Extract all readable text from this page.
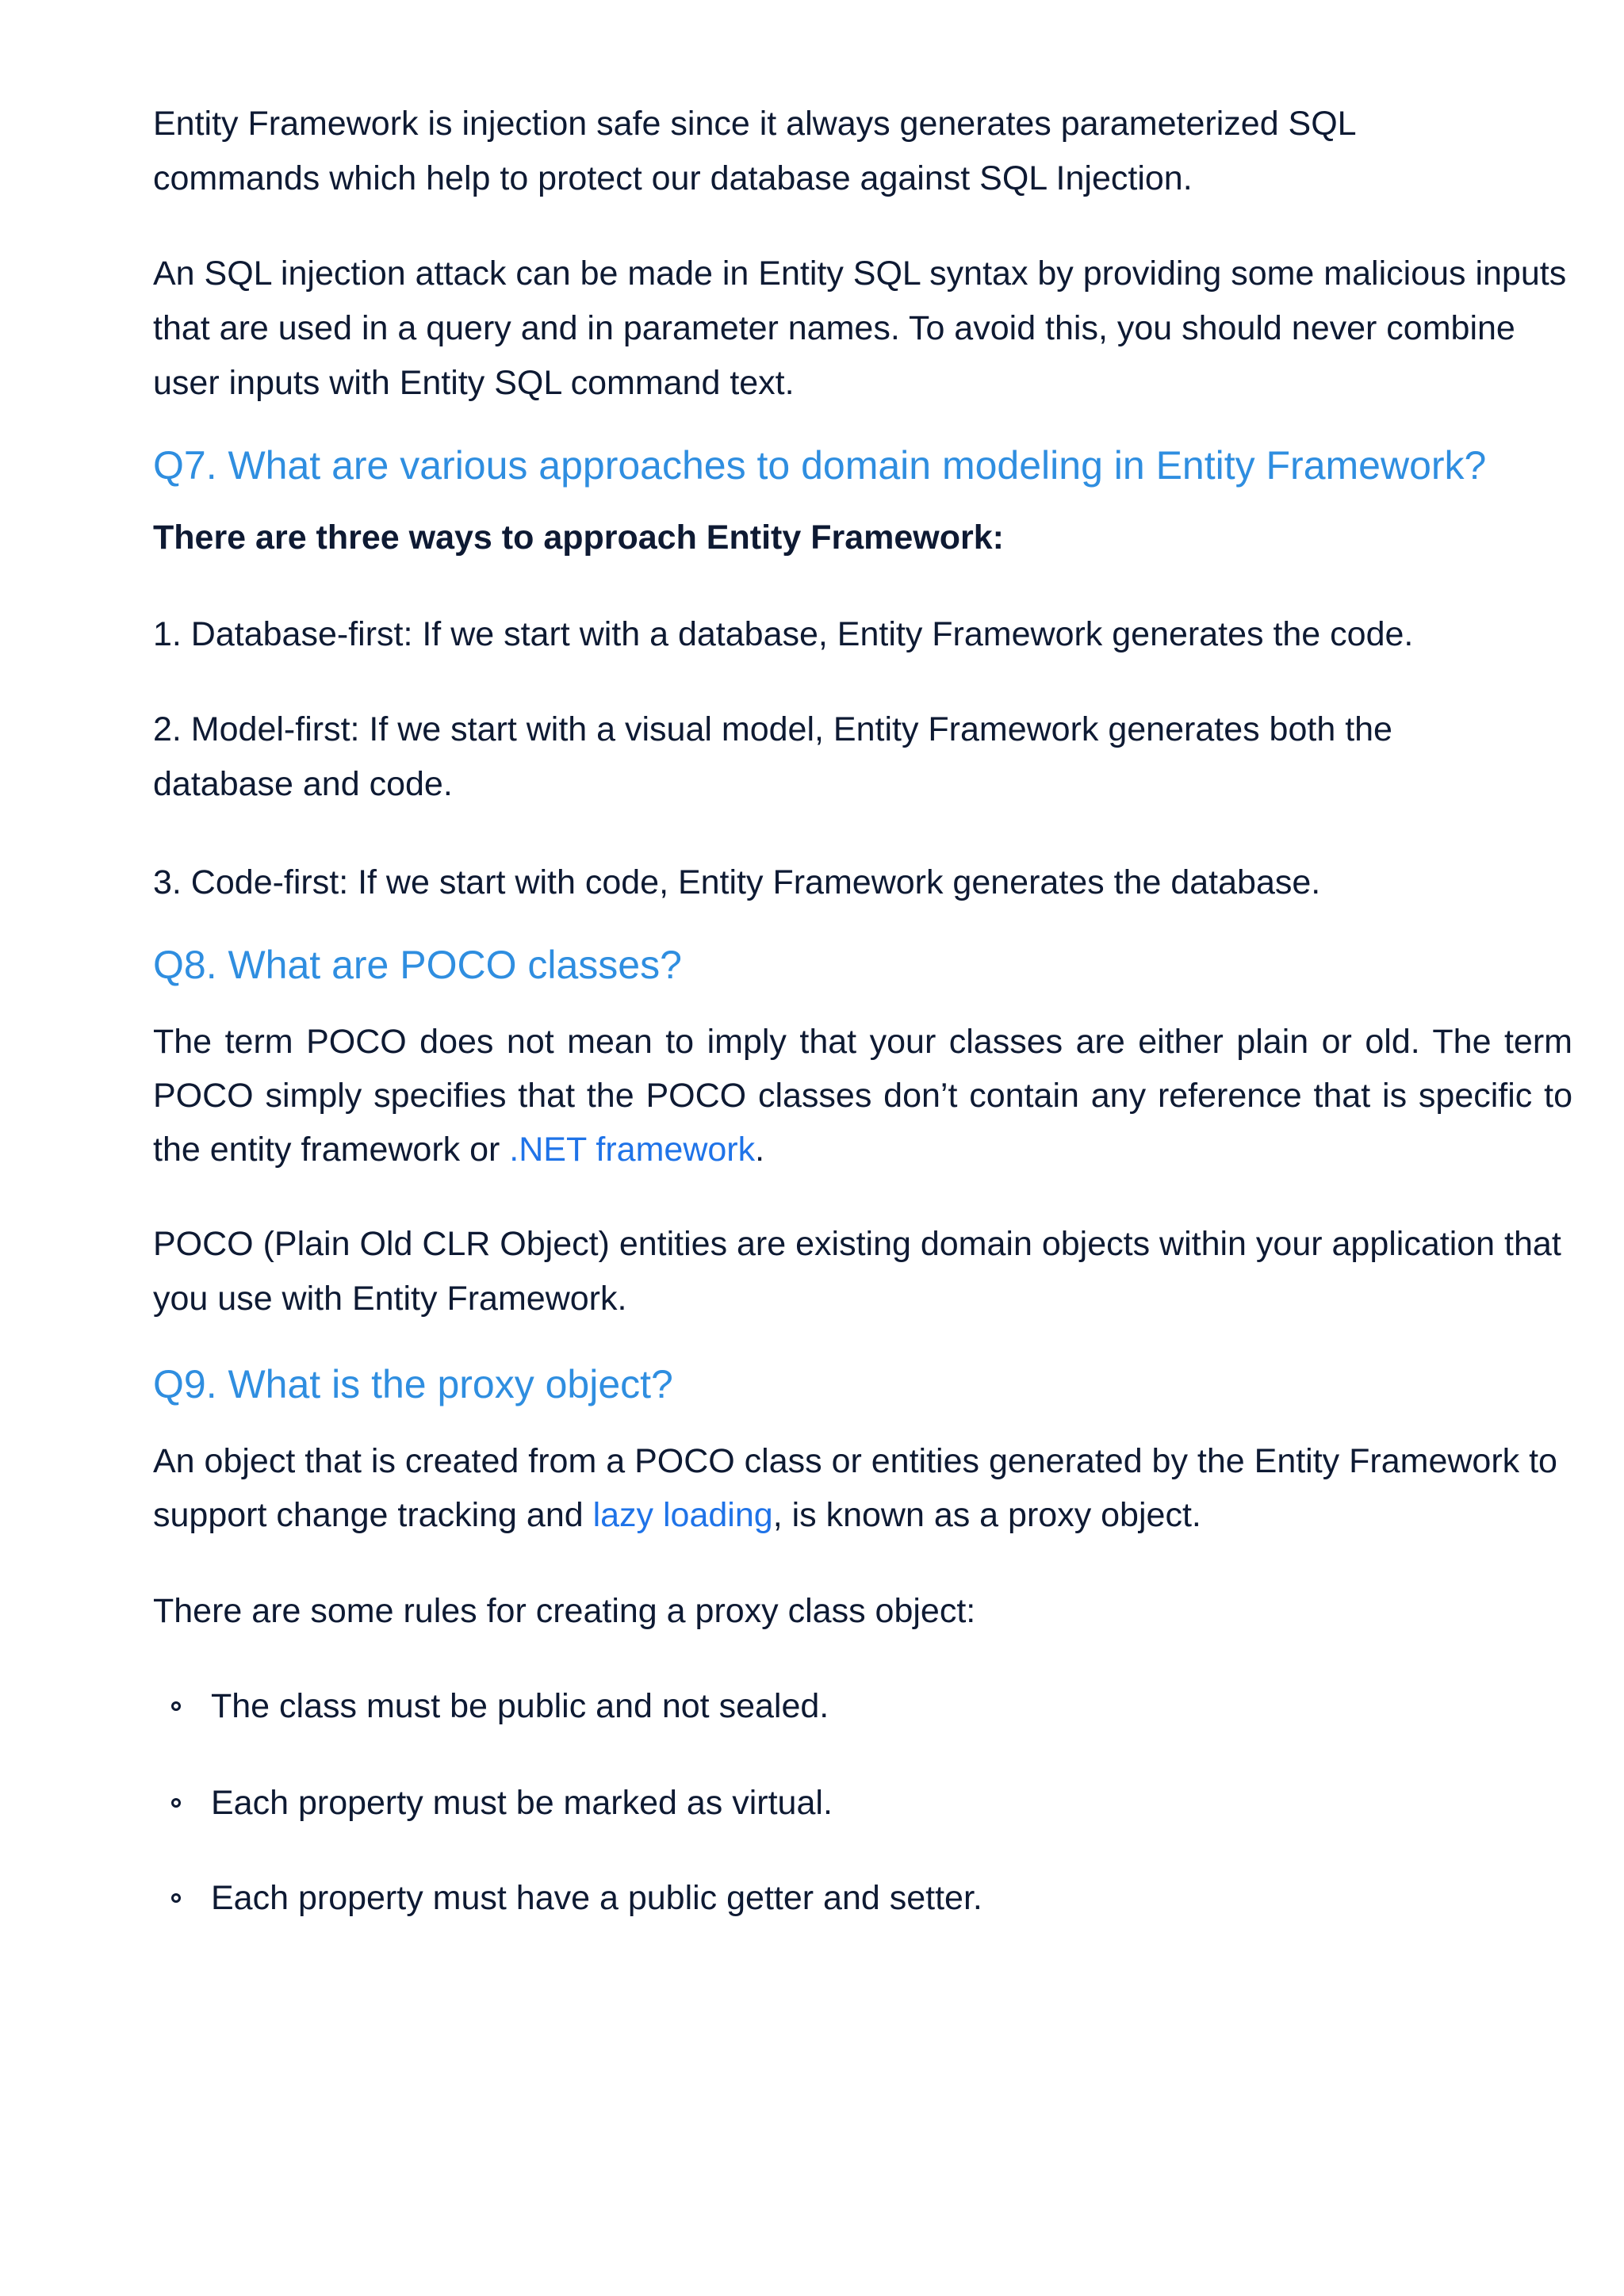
Entity Framework is injection safe since it always generates parameterized SQL commands which help to protect our database against SQL Injection.

An SQL injection attack can be made in Entity SQL syntax by providing some malicious inputs that are used in a query and in parameter names. To avoid this, you should never combine user inputs with Entity SQL command text.

Q7. What are various approaches to domain modeling in Entity Framework?

There are three ways to approach Entity Framework:

1. Database-first: If we start with a database, Entity Framework generates the code.

2. Model-first: If we start with a visual model, Entity Framework generates both the database and code.

3. Code-first: If we start with code, Entity Framework generates the database.

Q8. What are POCO classes?

The term POCO does not mean to imply that your classes are either plain or old. The term POCO simply specifies that the POCO classes don’t contain any reference that is specific to the entity framework or .NET framework.

POCO (Plain Old CLR Object) entities are existing domain objects within your application that you use with Entity Framework.

Q9. What is the proxy object?

An object that is created from a POCO class or entities generated by the Entity Framework to support change tracking and lazy loading, is known as a proxy object.

There are some rules for creating a proxy class object:

The class must be public and not sealed.
Each property must be marked as virtual.
Each property must have a public getter and setter.
